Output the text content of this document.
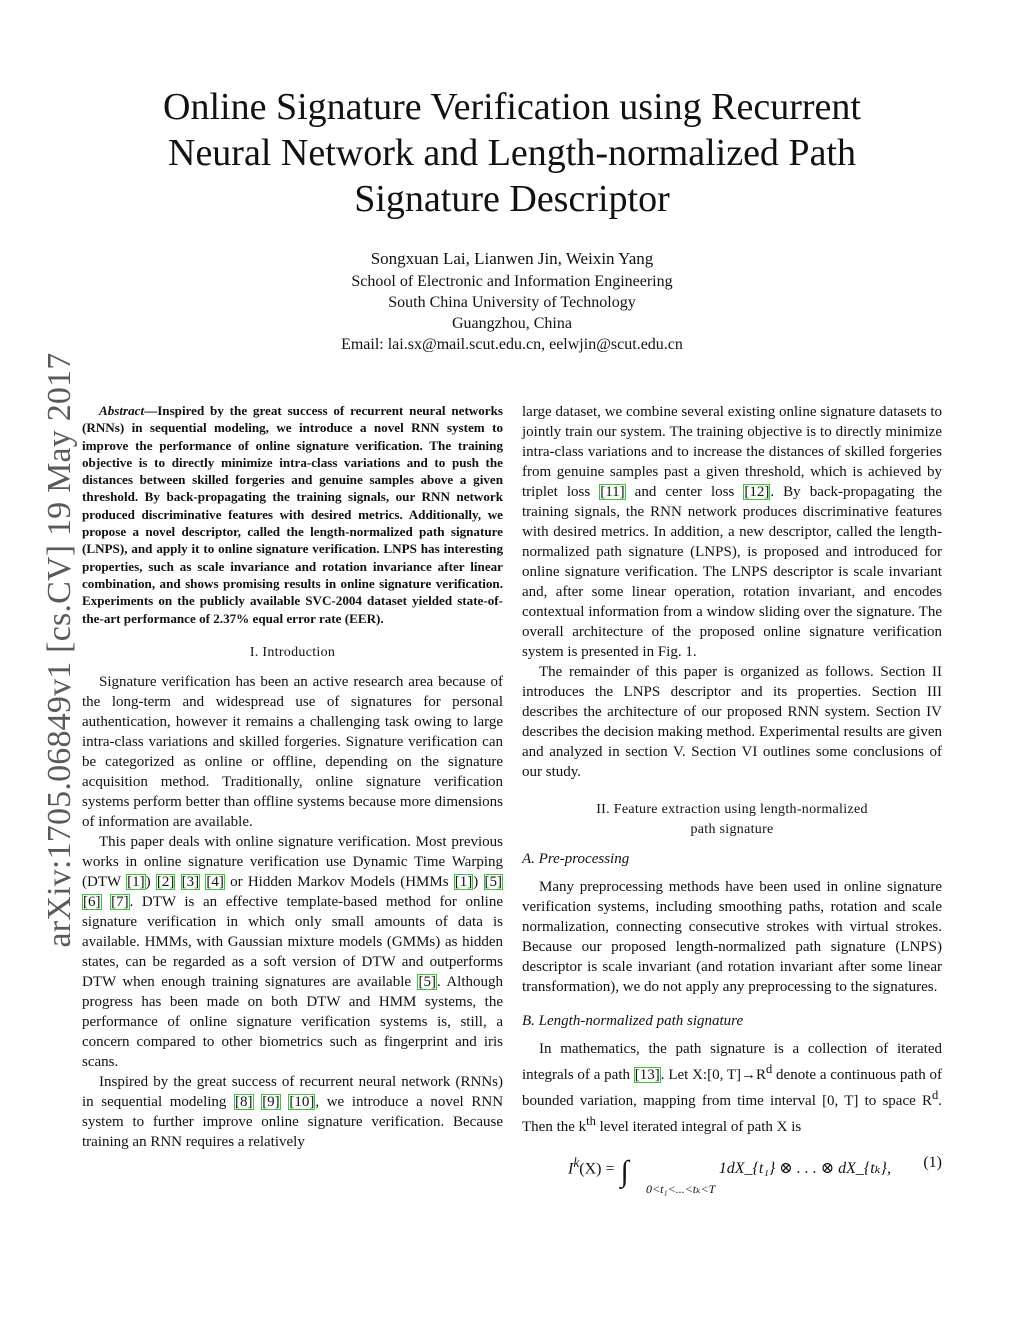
arXiv:1705.06849v1 [cs.CV] 19 May 2017
Online Signature Verification using Recurrent
Neural Network and Length-normalized Path
Signature Descriptor
Songxuan Lai, Lianwen Jin, Weixin Yang
School of Electronic and Information Engineering
South China University of Technology
Guangzhou, China
Email: lai.sx@mail.scut.edu.cn, eelwjin@scut.edu.cn

Abstract—Inspired by the great success of recurrent neural networks (RNNs) in sequential modeling, we introduce a novel RNN system to improve the performance of online signature verification. The training objective is to directly minimize intra-class variations and to push the distances between skilled forgeries and genuine samples above a given threshold. By back-propagating the training signals, our RNN network produced discriminative features with desired metrics. Additionally, we propose a novel descriptor, called the length-normalized path signature (LNPS), and apply it to online signature verification. LNPS has interesting properties, such as scale invariance and rotation invariance after linear combination, and shows promising results in online signature verification. Experiments on the publicly available SVC-2004 dataset yielded state-of-the-art performance of 2.37% equal error rate (EER).

I. Introduction

Signature verification has been an active research area because of the long-term and widespread use of signatures for personal authentication, however it remains a challenging task owing to large intra-class variations and skilled forgeries. Signature verification can be categorized as online or offline, depending on the signature acquisition method. Traditionally, online signature verification systems perform better than offline systems because more dimensions of information are available.

This paper deals with online signature verification. Most previous works in online signature verification use Dynamic Time Warping (DTW [1]) [2] [3] [4] or Hidden Markov Models (HMMs [1]) [5] [6] [7]. DTW is an effective template-based method for online signature verification in which only small amounts of data is available. HMMs, with Gaussian mixture models (GMMs) as hidden states, can be regarded as a soft version of DTW and outperforms DTW when enough training signatures are available [5]. Although progress has been made on both DTW and HMM systems, the performance of online signature verification systems is, still, a concern compared to other biometrics such as fingerprint and iris scans.

Inspired by the great success of recurrent neural network (RNNs) in sequential modeling [8] [9] [10], we introduce a novel RNN system to further improve online signature verification. Because training an RNN requires a relatively

large dataset, we combine several existing online signature datasets to jointly train our system. The training objective is to directly minimize intra-class variations and to increase the distances of skilled forgeries from genuine samples past a given threshold, which is achieved by triplet loss [11] and center loss [12]. By back-propagating the training signals, the RNN network produces discriminative features with desired metrics. In addition, a new descriptor, called the length-normalized path signature (LNPS), is proposed and introduced for online signature verification. The LNPS descriptor is scale invariant and, after some linear operation, rotation invariant, and encodes contextual information from a window sliding over the signature. The overall architecture of the proposed online signature verification system is presented in Fig. 1.

The remainder of this paper is organized as follows. Section II introduces the LNPS descriptor and its properties. Section III describes the architecture of our proposed RNN system. Section IV describes the decision making method. Experimental results are given and analyzed in section V. Section VI outlines some conclusions of our study.

II. Feature extraction using length-normalized
path signature
A. Pre-processing

Many preprocessing methods have been used in online signature verification systems, including smoothing paths, rotation and scale normalization, connecting consecutive strokes with virtual strokes. Because our proposed length-normalized path signature (LNPS) descriptor is scale invariant (and rotation invariant after some linear transformation), we do not apply any preprocessing to the signatures.

B. Length-normalized path signature

In mathematics, the path signature is a collection of iterated integrals of a path [13]. Let X:[0, $T]\to R^d$ denote a continuous path of bounded variation, mapping from time interval [0, T] to space $R^d$. Then the $k^{th}$ level iterated integral of path X is

$I^k(X)$ = ∫
0<t₁<...<tₖ<T
1dX_{t₁} ⊗ . . . ⊗ dX_{tₖ}, (1)
